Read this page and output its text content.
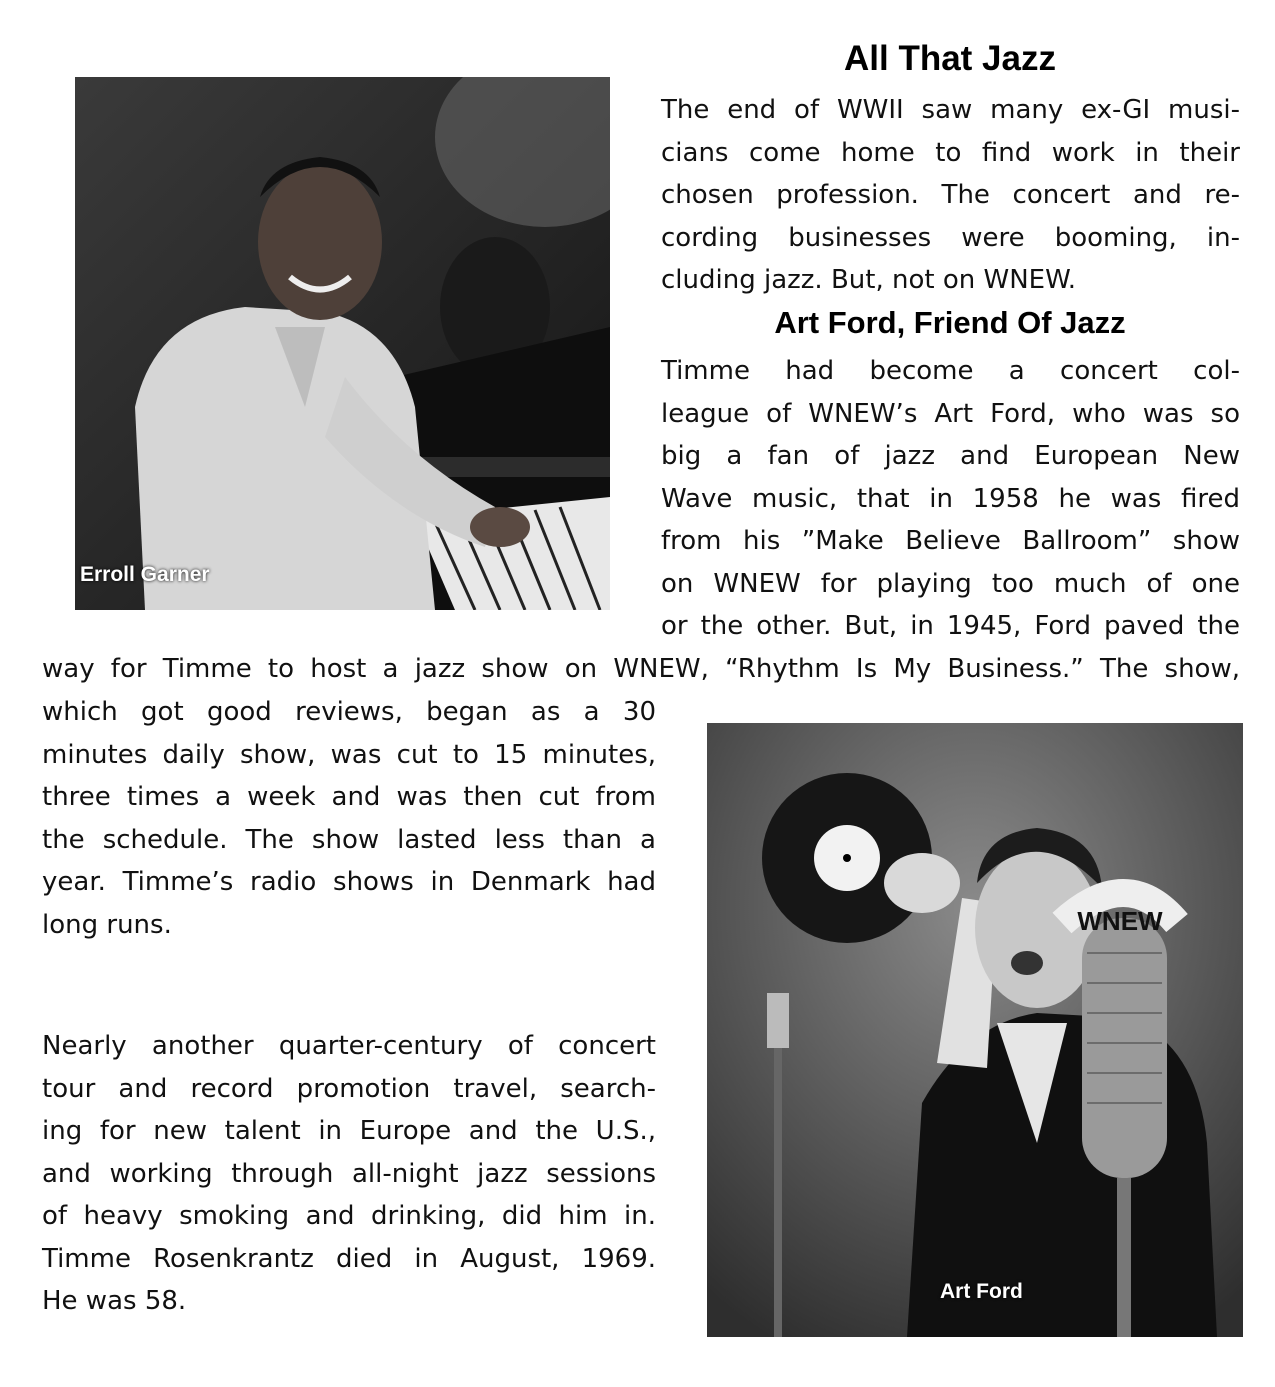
Erroll Garner
All That Jazz
The end of WWII saw many ex-GI musi-
cians come home to find work in their
chosen profession. The concert and re-
cording businesses were booming, in-
cluding jazz. But, not on WNEW.
Art Ford, Friend Of Jazz
Timme had become a concert col-
league of WNEW’s Art Ford, who was so
big a fan of jazz and European New
Wave music, that in 1958 he was fired
from his ”Make Believe Ballroom” show
on WNEW for playing too much of one
or the other. But, in 1945, Ford paved the
way for Timme to host a jazz show on WNEW, “Rhythm Is My Business.” The show,
which got good reviews, began as a 30
minutes daily show, was cut to 15 minutes,
three times a week and was then cut from
the schedule. The show lasted less than a
year. Timme’s radio shows in Denmark had
long runs.
Nearly another quarter-century of concert
tour and record promotion travel, search-
ing for new talent in Europe and the U.S.,
and working through all-night jazz sessions
of heavy smoking and drinking, did him in.
Timme Rosenkrantz died in August, 1969.
He was 58.
WNEW
Art Ford
